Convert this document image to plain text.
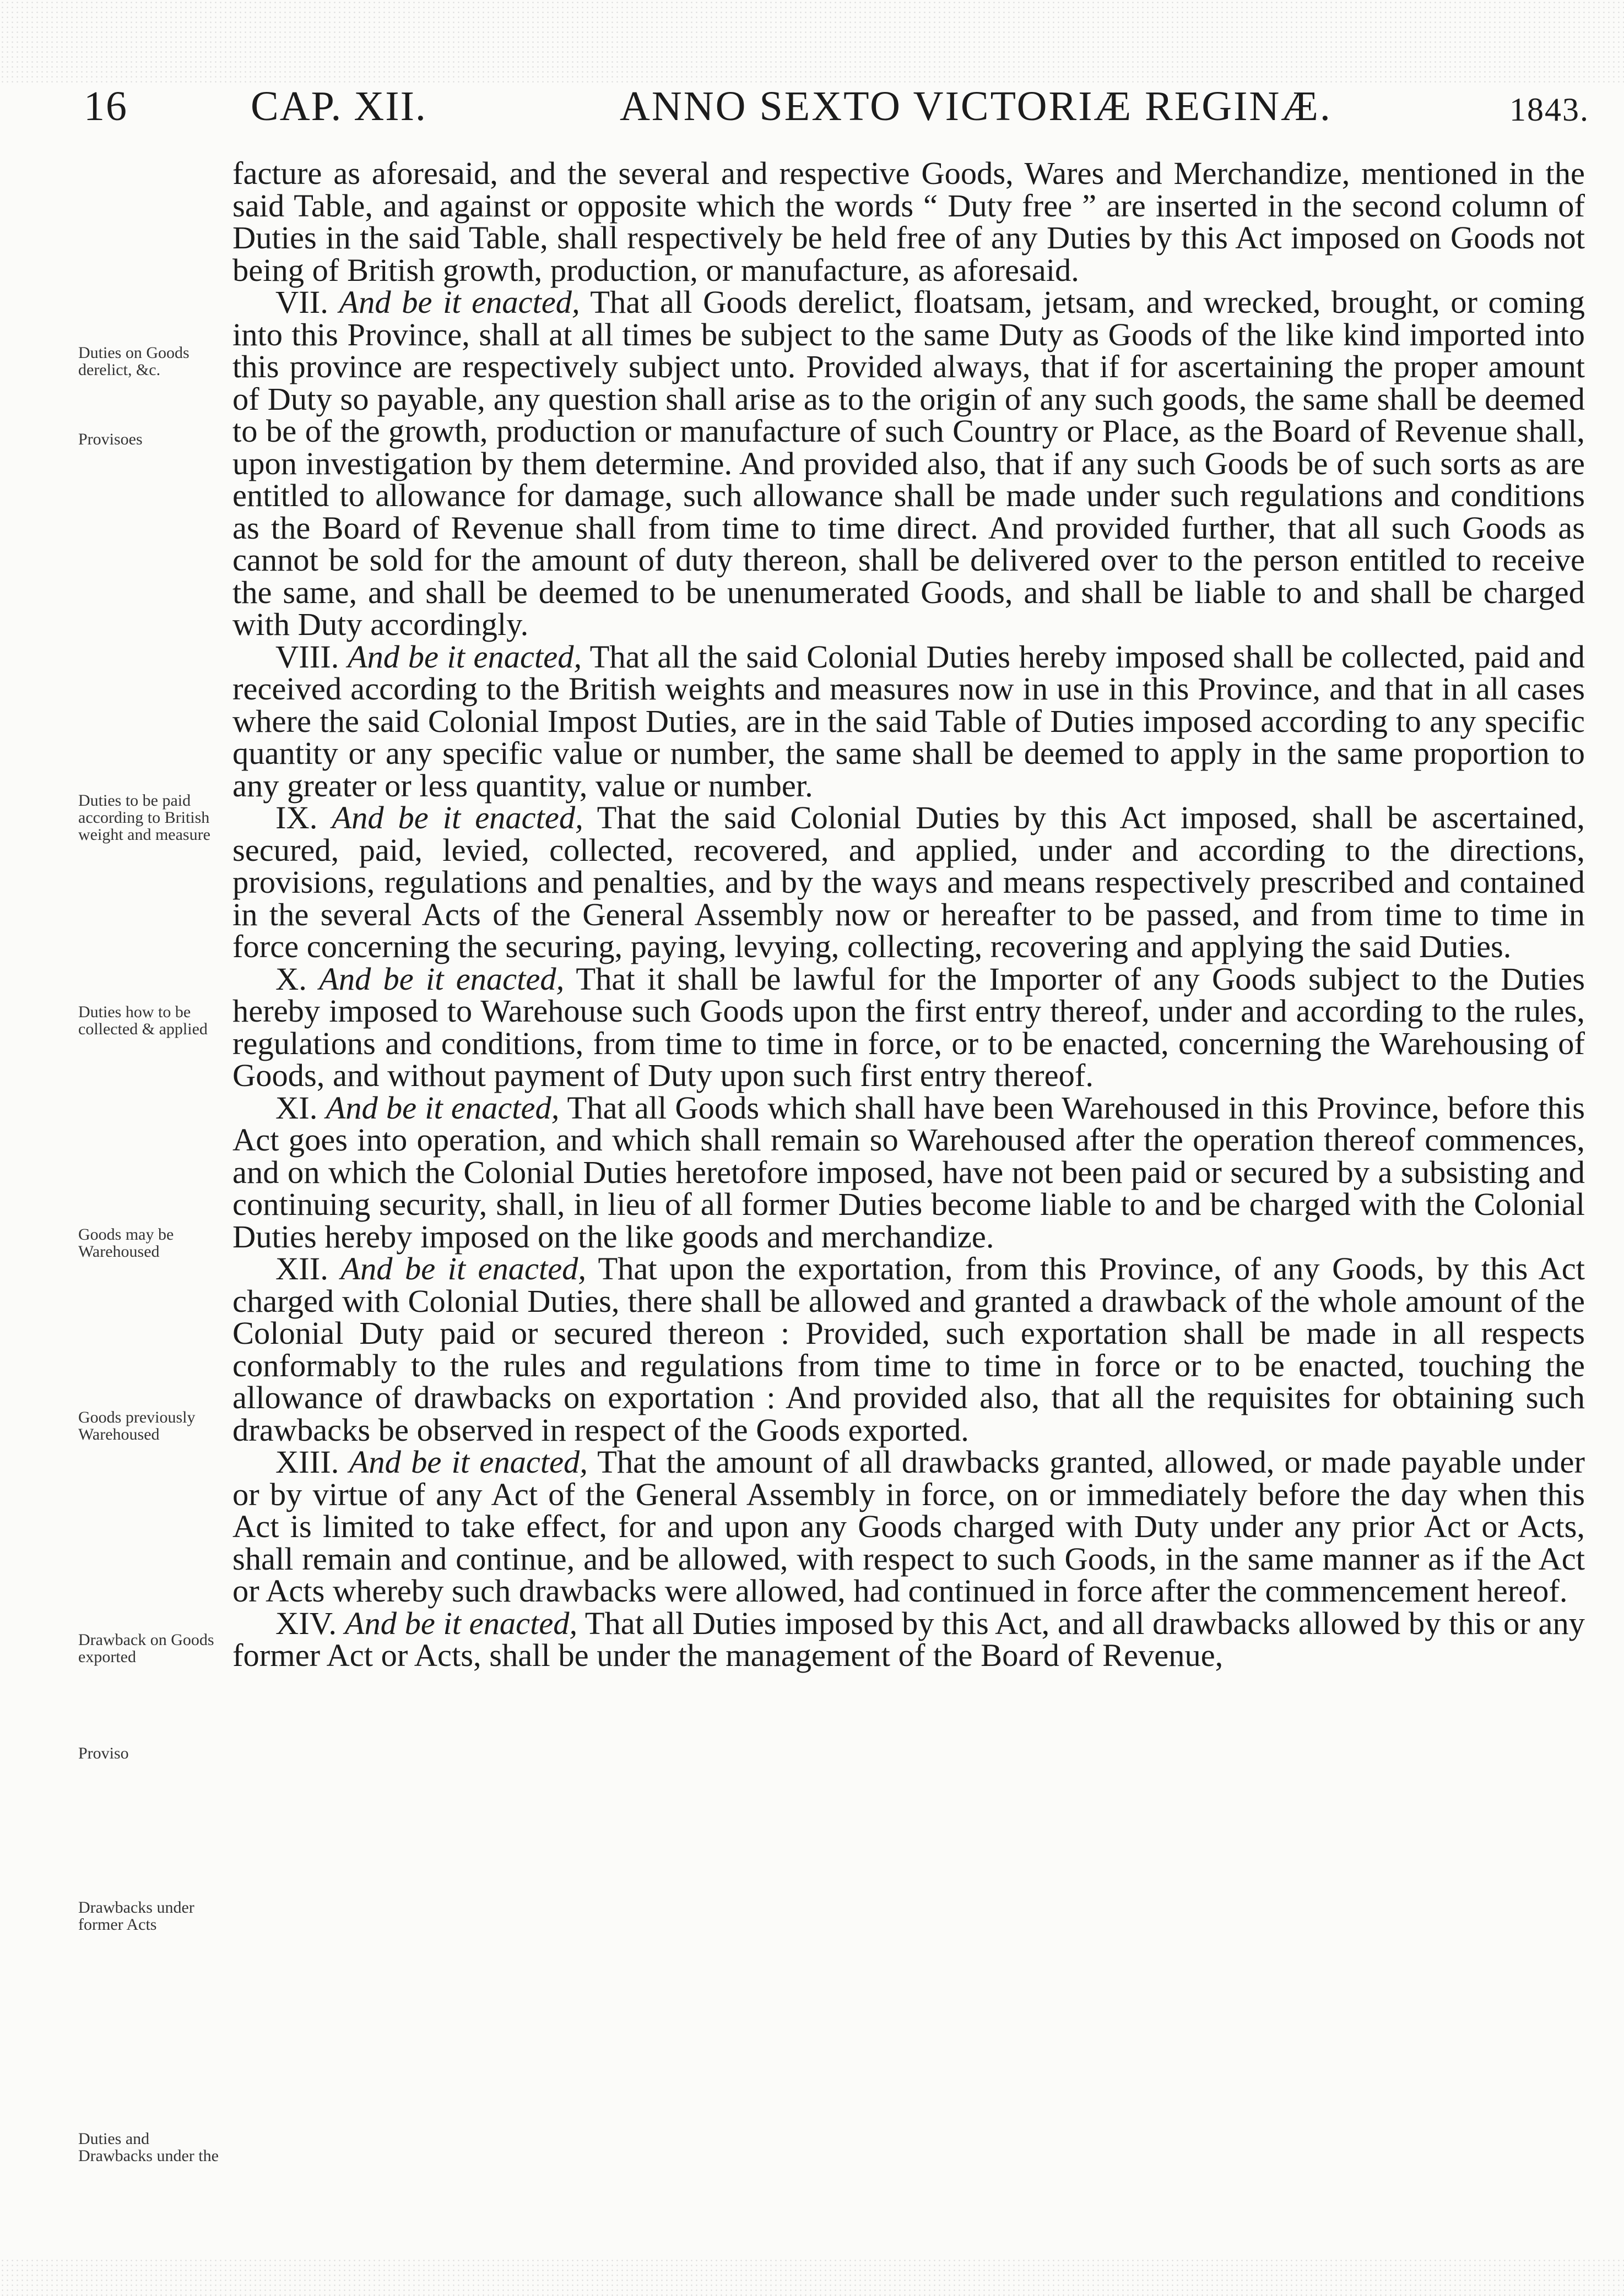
16	CAP. XII.	ANNO SEXTO VICTORIÆ REGINÆ.	1843.

facture as aforesaid, and the several and respective Goods, Wares and Merchandize, mentioned in the said Table, and against or opposite which the words “ Duty free ” are inserted in the second column of Duties in the said Table, shall respectively be held free of any Duties by this Act imposed on Goods not being of British growth, production, or manufacture, as aforesaid.

VII. And be it enacted, That all Goods derelict, floatsam, jetsam, and wrecked, brought, or coming into this Province, shall at all times be subject to the same Duty as Goods of the like kind imported into this province are respectively subject unto. Provided always, that if for ascertaining the proper amount of Duty so payable, any question shall arise as to the origin of any such goods, the same shall be deemed to be of the growth, production or manufacture of such Country or Place, as the Board of Revenue shall, upon investigation by them determine. And provided also, that if any such Goods be of such sorts as are entitled to allowance for damage, such allowance shall be made under such regulations and conditions as the Board of Revenue shall from time to time direct. And provided further, that all such Goods as cannot be sold for the amount of duty thereon, shall be delivered over to the person entitled to receive the same, and shall be deemed to be unenumerated Goods, and shall be liable to and shall be charged with Duty accordingly.

VIII. And be it enacted, That all the said Colonial Duties hereby imposed shall be collected, paid and received according to the British weights and measures now in use in this Province, and that in all cases where the said Colonial Impost Duties, are in the said Table of Duties imposed according to any specific quantity or any specific value or number, the same shall be deemed to apply in the same proportion to any greater or less quantity, value or number.

IX. And be it enacted, That the said Colonial Duties by this Act imposed, shall be ascertained, secured, paid, levied, collected, recovered, and applied, under and according to the directions, provisions, regulations and penalties, and by the ways and means respectively prescribed and contained in the several Acts of the General Assembly now or hereafter to be passed, and from time to time in force concerning the securing, paying, levying, collecting, recovering and applying the said Duties.

X. And be it enacted, That it shall be lawful for the Importer of any Goods subject to the Duties hereby imposed to Warehouse such Goods upon the first entry thereof, under and according to the rules, regulations and conditions, from time to time in force, or to be enacted, concerning the Warehousing of Goods, and without payment of Duty upon such first entry thereof.

XI. And be it enacted, That all Goods which shall have been Warehoused in this Province, before this Act goes into operation, and which shall remain so Warehoused after the operation thereof commences, and on which the Colonial Duties heretofore imposed, have not been paid or secured by a subsisting and continuing security, shall, in lieu of all former Duties become liable to and be charged with the Colonial Duties hereby imposed on the like goods and merchandize.

XII. And be it enacted, That upon the exportation, from this Province, of any Goods, by this Act charged with Colonial Duties, there shall be allowed and granted a drawback of the whole amount of the Colonial Duty paid or secured thereon : Provided, such exportation shall be made in all respects conformably to the rules and regulations from time to time in force or to be enacted, touching the allowance of drawbacks on exportation : And provided also, that all the requisites for obtaining such drawbacks be observed in respect of the Goods exported.

XIII. And be it enacted, That the amount of all drawbacks granted, allowed, or made payable under or by virtue of any Act of the General Assembly in force, on or immediately before the day when this Act is limited to take effect, for and upon any Goods charged with Duty under any prior Act or Acts, shall remain and continue, and be allowed, with respect to such Goods, in the same manner as if the Act or Acts whereby such drawbacks were allowed, had continued in force after the commencement hereof.

XIV. And be it enacted, That all Duties imposed by this Act, and all drawbacks allowed by this or any former Act or Acts, shall be under the management of the Board of Revenue,

Duties on Goods derelict, &c.
Provisoes
Duties to be paid according to British weight and measure
Duties how to be collected & applied
Goods may be Warehoused
Goods previously Warehoused
Drawback on Goods exported
Proviso
Drawbacks under former Acts
Duties and Drawbacks under the
